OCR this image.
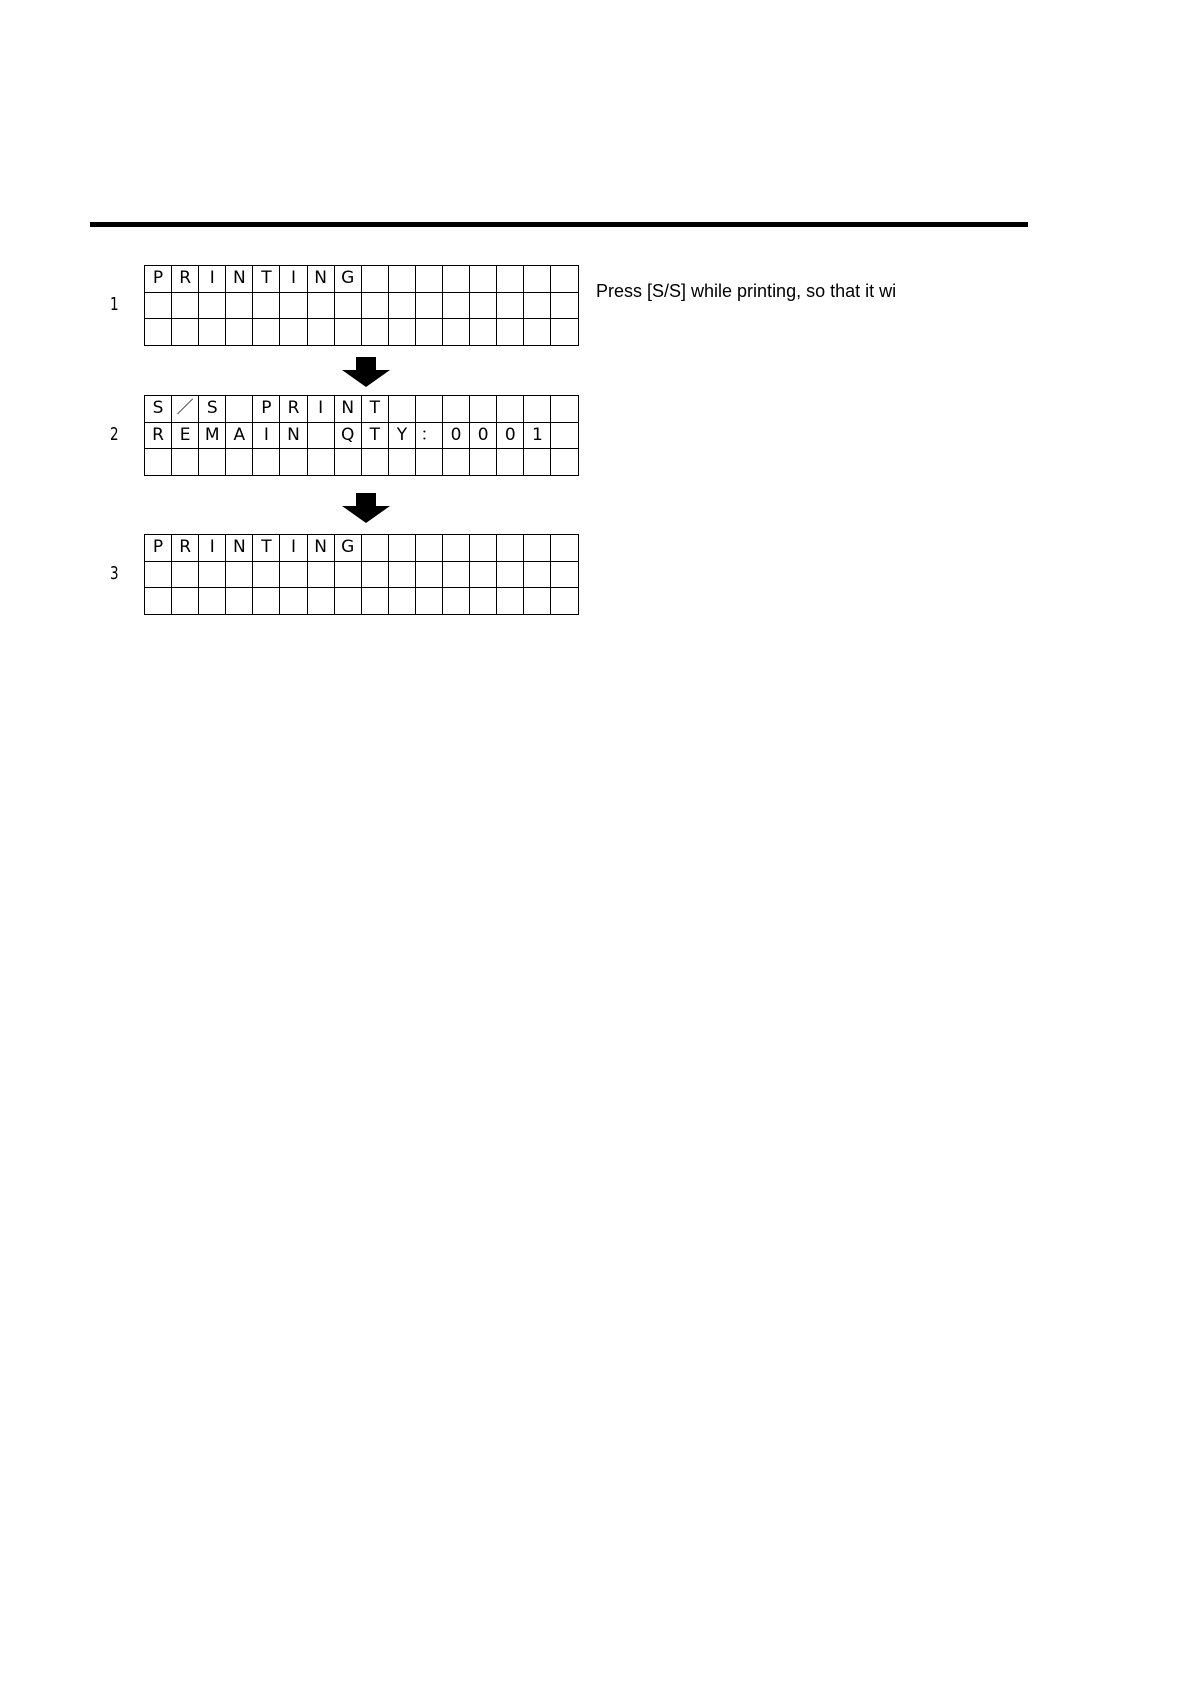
1
P	R	I	N	T	I	N	G								

2
S	／	S		P	R	I	N	T							
R	E	M	A	I	N		Q	T	Y	：	0	0	0	1	

3
P	R	I	N	T	I	N	G								

Press [S/S] while printing, so that it wi
